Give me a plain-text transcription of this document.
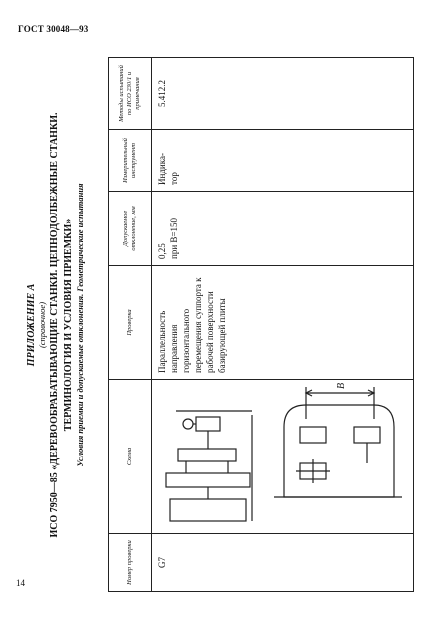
ГОСТ 30048—93
ПРИЛОЖЕНИЕ А (справочное) ИСО 7950—85 «ДЕРЕВООБРАБАТЫВАЮЩИЕ СТАНКИ. ЦЕПНОДОЛБЕЖНЫЕ СТАНКИ. ТЕРМИНОЛОГИЯ И УСЛОВИЯ ПРИЕМКИ» Условия приемки и допускаемые отклонения. Геометрические испытания
Номер проверки	Схема	Проверка	Допускаемое отклонение, мм	Измерительный инструмент	Методы испытаний по ИСО 230/1 и примечания
G7	B	Параллельность направления горизонтального перемещения суппорта к рабочей поверхности базирующей плиты	0,25 при B=150	Индика- тор	5.412.2
14
